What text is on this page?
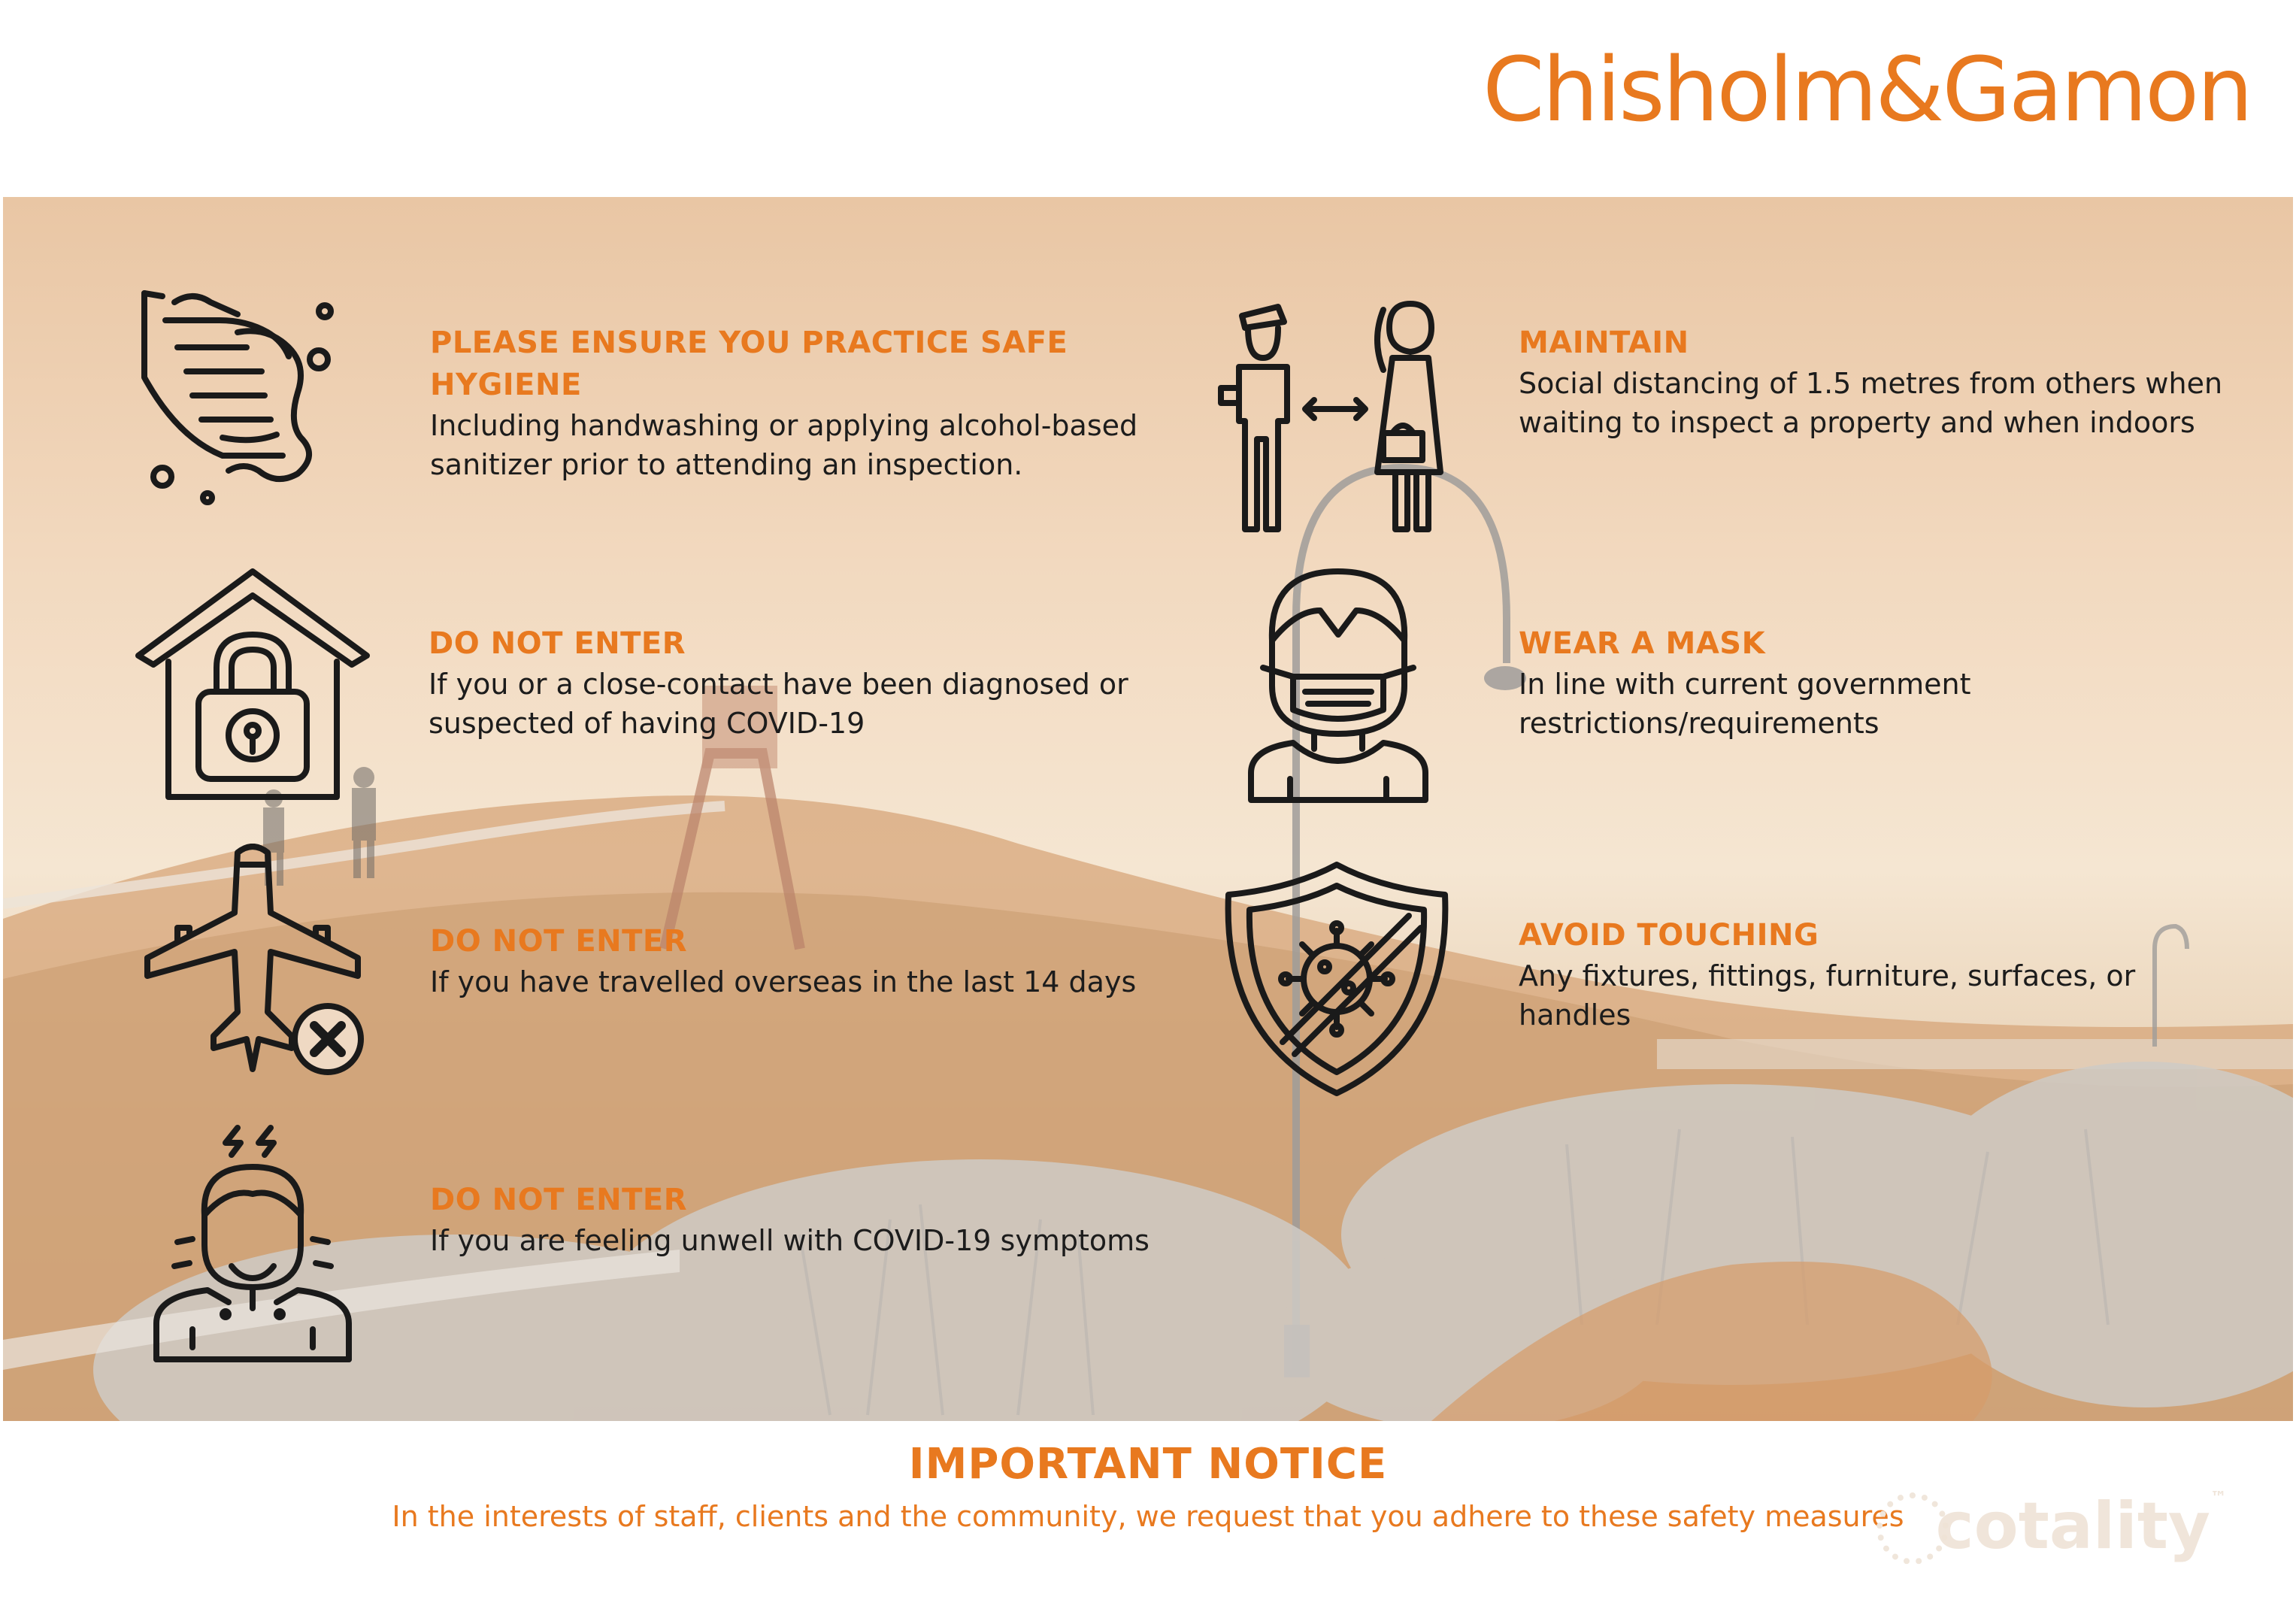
Chisholm&Gamon
PLEASE ENSURE YOU PRACTICE SAFE HYGIENE
Including handwashing or applying alcohol-based sanitizer prior to attending an inspection.
DO NOT ENTER
If you or a close-contact have been diagnosed or suspected of having COVID-19
DO NOT ENTER
If you have travelled overseas in the last 14 days
DO NOT ENTER
If you are feeling unwell with COVID-19 symptoms
MAINTAIN
Social distancing of 1.5 metres from others when waiting to inspect a property and when indoors
WEAR A MASK
In line with current government restrictions/requirements
AVOID TOUCHING
Any fixtures, fittings, furniture, surfaces, or handles
IMPORTANT NOTICE
In the interests of staff, clients and the community, we request that you adhere to these safety measures cotality™
